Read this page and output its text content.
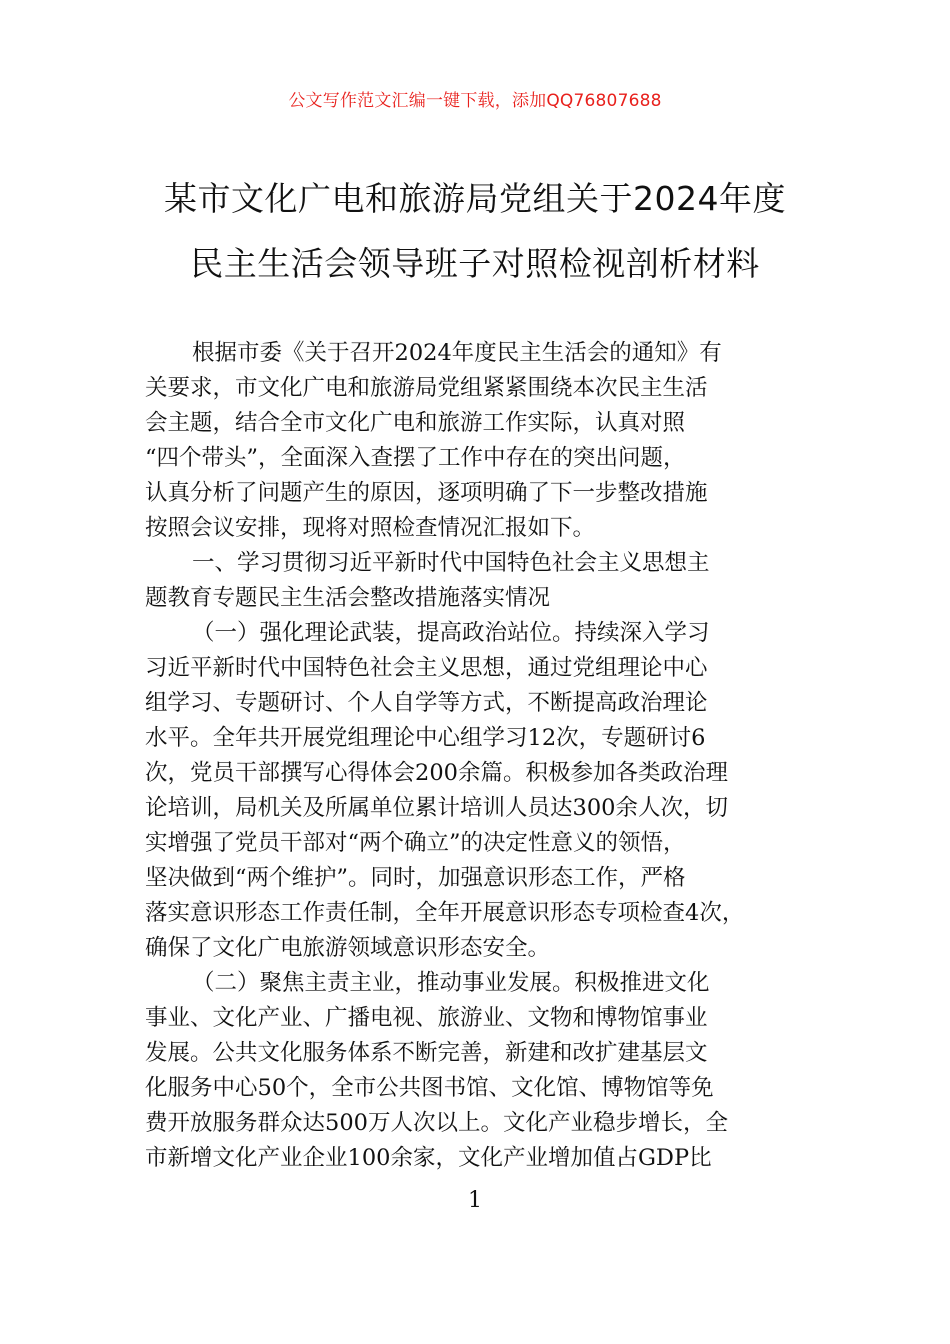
公文写作范文汇编一键下载，添加QQ76807688
某市文化广电和旅游局党组关于2024年度
民主生活会领导班子对照检视剖析材料
根据市委《关于召开2024年度民主生活会的通知》有
关要求，市文化广电和旅游局党组紧紧围绕本次民主生活
会主题，结合全市文化广电和旅游工作实际，认真对照
“四个带头”，全面深入查摆了工作中存在的突出问题，
认真分析了问题产生的原因，逐项明确了下一步整改措施
按照会议安排，现将对照检查情况汇报如下。
一、学习贯彻习近平新时代中国特色社会主义思想主
题教育专题民主生活会整改措施落实情况
（一）强化理论武装，提高政治站位。持续深入学习
习近平新时代中国特色社会主义思想，通过党组理论中心
组学习、专题研讨、个人自学等方式，不断提高政治理论
水平。全年共开展党组理论中心组学习12次，专题研讨6
次，党员干部撰写心得体会200余篇。积极参加各类政治理
论培训，局机关及所属单位累计培训人员达300余人次，切
实增强了党员干部对“两个确立”的决定性意义的领悟，
坚决做到“两个维护”。同时，加强意识形态工作，严格
落实意识形态工作责任制，全年开展意识形态专项检查4次，
确保了文化广电旅游领域意识形态安全。
（二）聚焦主责主业，推动事业发展。积极推进文化
事业、文化产业、广播电视、旅游业、文物和博物馆事业
发展。公共文化服务体系不断完善，新建和改扩建基层文
化服务中心50个，全市公共图书馆、文化馆、博物馆等免
费开放服务群众达500万人次以上。文化产业稳步增长，全
市新增文化产业企业100余家，文化产业增加值占GDP比
1
